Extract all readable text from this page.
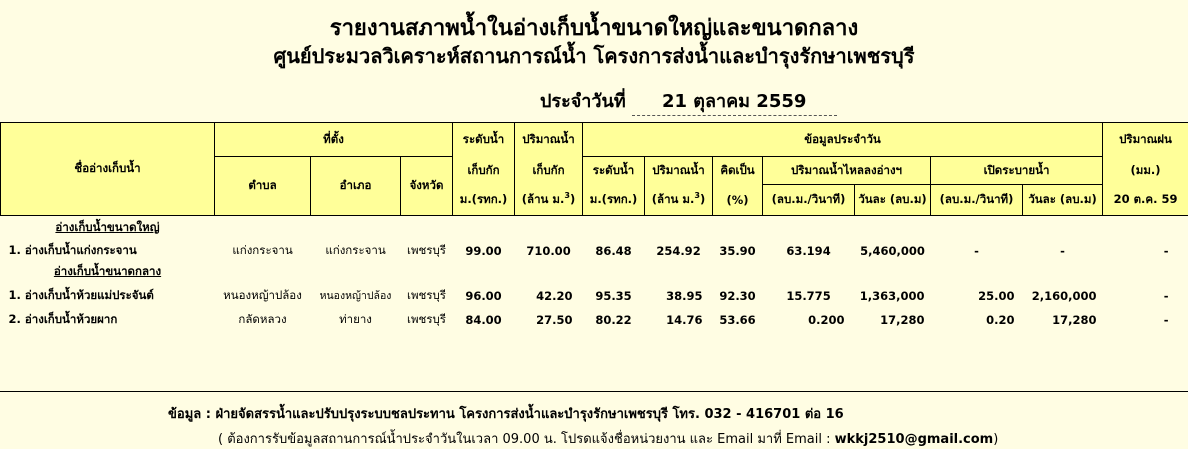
รายงานสภาพน้ำในอ่างเก็บน้ำขนาดใหญ่และขนาดกลาง
ศูนย์ประมวลวิเคราะห์สถานการณ์น้ำ โครงการส่งน้ำและบำรุงรักษาเพชรบุรี
ประจำวันที่ 21 ตุลาคม 2559
ชื่ออ่างเก็บน้ำ	ที่ตั้ง			ระดับน้ำ	ปริมาณน้ำ	ข้อมูลประจำวัน							ปริมาณฝน
	ตำบล	อำเภอ	จังหวัด	เก็บกัก	เก็บกัก	ระดับน้ำ	ปริมาณน้ำ	คิดเป็น	ปริมาณน้ำไหลลงอ่างฯ		เปิดระบายน้ำ		(มม.)
				ม.(รทก.)	(ล้าน ม.$^3$)	ม.(รทก.)	(ล้าน ม.$^3$)	(%)	(ลบ.ม./วินาที)	วันละ (ลบ.ม)	(ลบ.ม./วินาที)	วันละ (ลบ.ม)	20 ต.ค. 59
อ่างเก็บน้ำขนาดใหญ่													
1. อ่างเก็บน้ำแก่งกระจาน	แก่งกระจาน	แก่งกระจาน	เพชรบุรี	99.00	710.00	86.48	254.92	35.90	63.194	5,460,000	-	-	-
อ่างเก็บน้ำขนาดกลาง													
1. อ่างเก็บน้ำห้วยแม่ประจันต์	หนองหญ้าปล้อง	หนองหญ้าปล้อง	เพชรบุรี	96.00	42.20	95.35	38.95	92.30	15.775	1,363,000	25.00	2,160,000	-
2. อ่างเก็บน้ำห้วยผาก	กลัดหลวง	ท่ายาง	เพชรบุรี	84.00	27.50	80.22	14.76	53.66	0.200	17,280	0.20	17,280	-
ข้อมูล : ฝ่ายจัดสรรน้ำและปรับปรุงระบบชลประทาน โครงการส่งน้ำและบำรุงรักษาเพชรบุรี โทร. 032 - 416701 ต่อ 16
( ต้องการรับข้อมูลสถานการณ์น้ำประจำวันในเวลา 09.00 น. โปรดแจ้งชื่อหน่วยงาน และ Email มาที่ Email : wkkj2510@gmail.com)
